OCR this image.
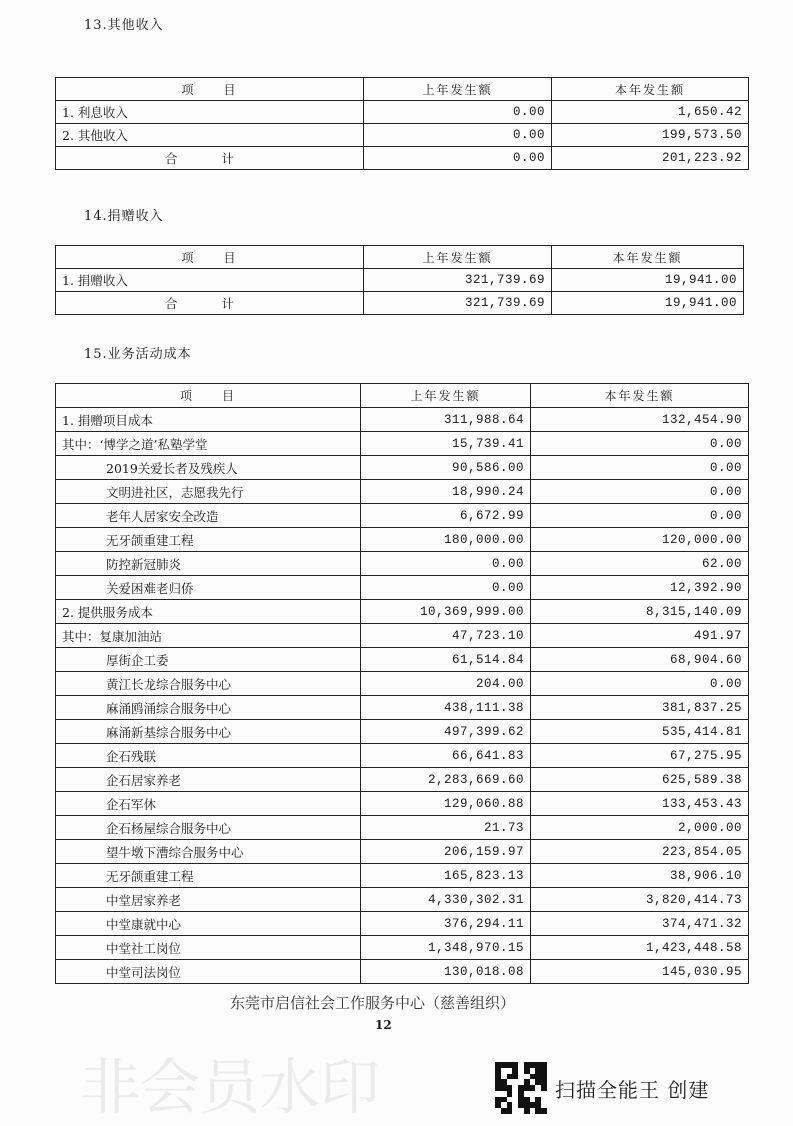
13.其他收入
项　　目	上年发生额	本年发生额
1. 利息收入	0.00	1,650.42
2. 其他收入	0.00	199,573.50
合 计	0.00	201,223.92
14.捐赠收入
项　　目	上年发生额	本年发生额
1. 捐赠收入	321,739.69	19,941.00
合 计	321,739.69	19,941.00
15.业务活动成本
项　　目	上年发生额	本年发生额
1. 捐赠项目成本	311,988.64	132,454.90
其中：‘博学之道’私塾学堂	15,739.41	0.00
2019关爱长者及残疾人	90,586.00	0.00
文明进社区，志愿我先行	18,990.24	0.00
老年人居家安全改造	6,672.99	0.00
无牙颌重建工程	180,000.00	120,000.00
防控新冠肺炎	0.00	62.00
关爱困难老归侨	0.00	12,392.90
2. 提供服务成本	10,369,999.00	8,315,140.09
其中：复康加油站	47,723.10	491.97
厚街企工委	61,514.84	68,904.60
黄江长龙综合服务中心	204.00	0.00
麻涌鸥涌综合服务中心	438,111.38	381,837.25
麻涌新基综合服务中心	497,399.62	535,414.81
企石残联	66,641.83	67,275.95
企石居家养老	2,283,669.60	625,589.38
企石军休	129,060.88	133,453.43
企石杨屋综合服务中心	21.73	2,000.00
望牛墩下漕综合服务中心	206,159.97	223,854.05
无牙颌重建工程	165,823.13	38,906.10
中堂居家养老	4,330,302.31	3,820,414.73
中堂康就中心	376,294.11	374,471.32
中堂社工岗位	1,348,970.15	1,423,448.58
中堂司法岗位	130,018.08	145,030.95
东莞市启信社会工作服务中心（慈善组织）
12
非会员水印	扫描全能王 创建
